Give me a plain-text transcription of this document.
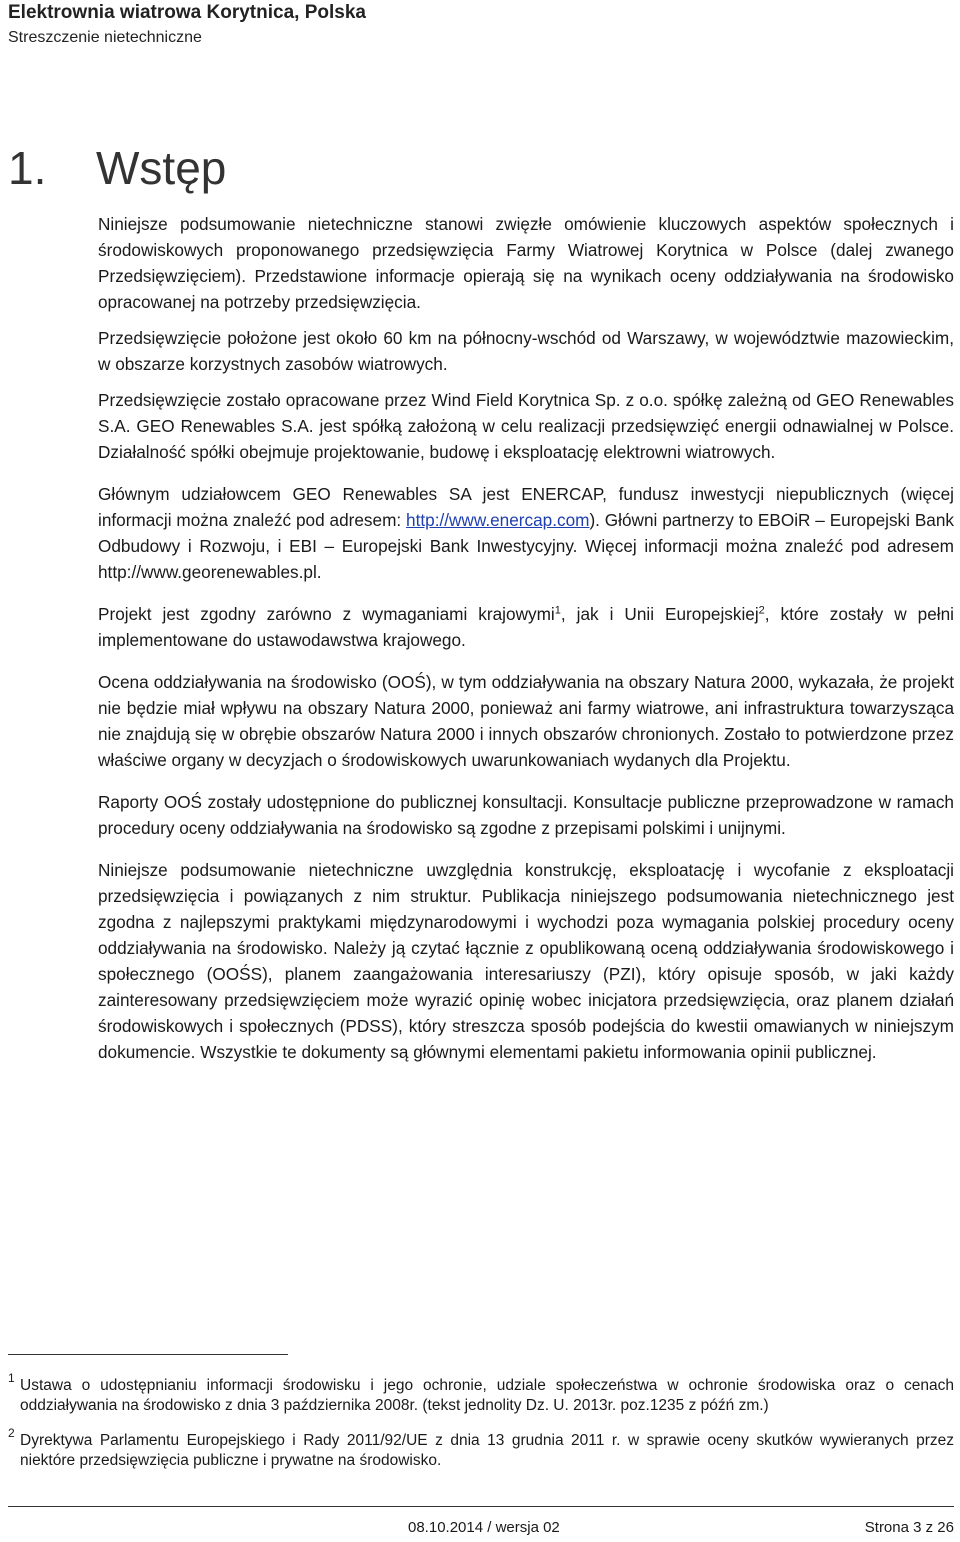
Elektrownia wiatrowa Korytnica, Polska
Streszczenie nietechniczne
1. Wstęp

Niniejsze podsumowanie nietechniczne stanowi zwięzłe omówienie kluczowych aspektów społecznych i środowiskowych proponowanego przedsięwzięcia Farmy Wiatrowej Korytnica w Polsce (dalej zwanego Przedsięwzięciem). Przedstawione informacje opierają się na wynikach oceny oddziaływania na środowisko opracowanej na potrzeby przedsięwzięcia.

Przedsięwzięcie położone jest około 60 km na północny-wschód od Warszawy, w województwie mazowieckim, w obszarze korzystnych zasobów wiatrowych.

Przedsięwzięcie zostało opracowane przez Wind Field Korytnica Sp. z o.o. spółkę zależną od GEO Renewables S.A. GEO Renewables S.A. jest spółką założoną w celu realizacji przedsięwzięć energii odnawialnej w Polsce. Działalność spółki obejmuje projektowanie, budowę i eksploatację elektrowni wiatrowych.

Głównym udziałowcem GEO Renewables SA jest ENERCAP, fundusz inwestycji niepublicznych (więcej informacji można znaleźć pod adresem: http://www.enercap.com). Główni partnerzy to EBOiR – Europejski Bank Odbudowy i Rozwoju, i EBI – Europejski Bank Inwestycyjny. Więcej informacji można znaleźć pod adresem http://www.georenewables.pl.

Projekt jest zgodny zarówno z wymaganiami krajowymi$^1$, jak i Unii Europejskiej$^2$, które zostały w pełni implementowane do ustawodawstwa krajowego.

Ocena oddziaływania na środowisko (OOŚ), w tym oddziaływania na obszary Natura 2000, wykazała, że projekt nie będzie miał wpływu na obszary Natura 2000, ponieważ ani farmy wiatrowe, ani infrastruktura towarzysząca nie znajdują się w obrębie obszarów Natura 2000 i innych obszarów chronionych. Zostało to potwierdzone przez właściwe organy w decyzjach o środowiskowych uwarunkowaniach wydanych dla Projektu.

Raporty OOŚ zostały udostępnione do publicznej konsultacji. Konsultacje publiczne przeprowadzone w ramach procedury oceny oddziaływania na środowisko są zgodne z przepisami polskimi i unijnymi.

Niniejsze podsumowanie nietechniczne uwzględnia konstrukcję, eksploatację i wycofanie z eksploatacji przedsięwzięcia i powiązanych z nim struktur. Publikacja niniejszego podsumowania nietechnicznego jest zgodna z najlepszymi praktykami międzynarodowymi i wychodzi poza wymagania polskiej procedury oceny oddziaływania na środowisko. Należy ją czytać łącznie z opublikowaną oceną oddziaływania środowiskowego i społecznego (OOŚS), planem zaangażowania interesariuszy (PZI), który opisuje sposób, w jaki każdy zainteresowany przedsięwzięciem może wyrazić opinię wobec inicjatora przedsięwzięcia, oraz planem działań środowiskowych i społecznych (PDSS), który streszcza sposób podejścia do kwestii omawianych w niniejszym dokumencie. Wszystkie te dokumenty są głównymi elementami pakietu informowania opinii publicznej.

1 Ustawa o udostępnianiu informacji środowisku i jego ochronie, udziale społeczeństwa w ochronie środowiska oraz o cenach oddziaływania na środowisko z dnia 3 października 2008r. (tekst jednolity Dz. U. 2013r. poz.1235 z późń zm.)

2 Dyrektywa Parlamentu Europejskiego i Rady 2011/92/UE z dnia 13 grudnia 2011 r. w sprawie oceny skutków wywieranych przez niektóre przedsięwzięcia publiczne i prywatne na środowisko.

08.10.2014 / wersja 02	Strona 3 z 26
